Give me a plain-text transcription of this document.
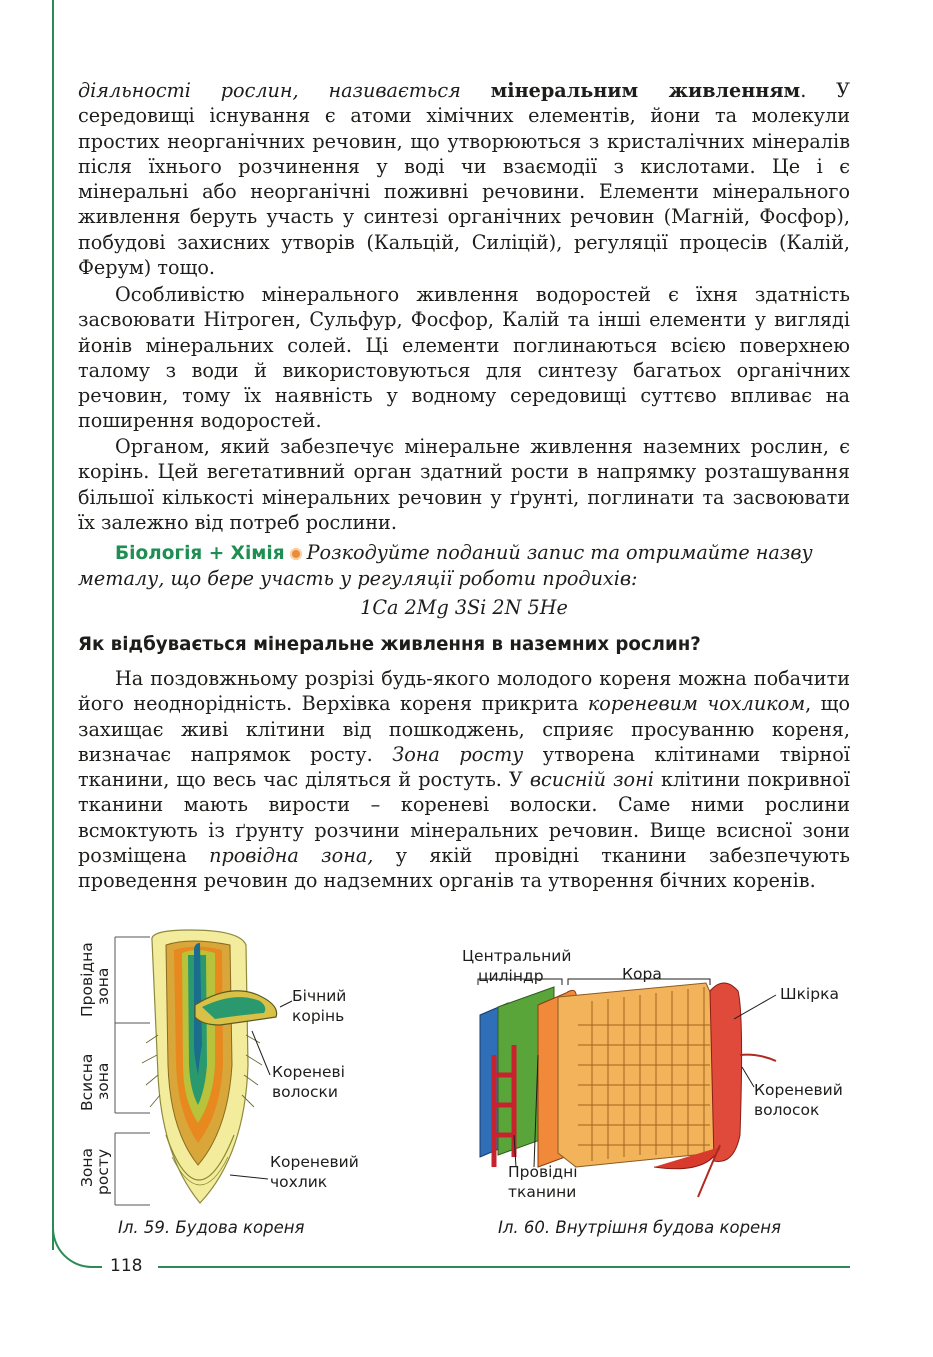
діяльності рослин, називається мінеральним живленням. У середовищі існування є атоми хімічних елементів, йони та молекули простих неорганічних речовин, що утворюються з кристалічних мінералів після їхнього розчинення у воді чи взаємодії з кислотами. Це і є мінеральні або неорганічні поживні речовини. Елементи мінерального живлення беруть участь у синтезі органічних речовин (Магній, Фосфор), побудові захисних утворів (Кальцій, Силіцій), регуляції процесів (Калій, Ферум) тощо.
Особливістю мінерального живлення водоростей є їхня здатність засвоювати Нітроген, Сульфур, Фосфор, Калій та інші елементи у вигляді йонів мінеральних солей. Ці елементи поглинаються всією поверхнею талому з води й використовуються для синтезу багатьох органічних речовин, тому їх наявність у водному середовищі суттєво впливає на поширення водоростей.
Органом, який забезпечує мінеральне живлення наземних рослин, є корінь. Цей вегетативний орган здатний рости в напрямку розташування більшої кількості мінеральних речовин у ґрунті, поглинати та засвоювати їх залежно від потреб рослини.
Біологія + Хімія Розкодуйте поданий запис та отримайте назву металу, що бере участь у регуляції роботи продихів:
1Ca 2Mg 3Si 2N 5He
Як відбувається мінеральне живлення в наземних рослин?
На поздовжньому розрізі будь-якого молодого кореня можна побачити його неоднорідність. Верхівка кореня прикрита кореневим чохликом, що захищає живі клітини від пошкоджень, сприяє просуванню кореня, визначає напрямок росту. Зона росту утворена клітинами твірної тканини, що весь час діляться й ростуть. У всисній зоні клітини покривної тканини мають вирости – кореневі волоски. Саме ними рослини всмоктують із ґрунту розчини мінеральних речовин. Вище всисної зони розміщена провідна зона, у якій провідні тканини забезпечують проведення речовин до надземних органів та утворення бічних коренів.
Провідна
зона
Всисна
зона
Зона
росту
Бічний
корінь
Кореневі
волоски
Кореневий
чохлик
Центральний
циліндр	Кора
Шкірка
Кореневий
волосок
Провідні
тканини
Іл. 59. Будова кореня	Іл. 60. Внутрішня будова кореня
118
